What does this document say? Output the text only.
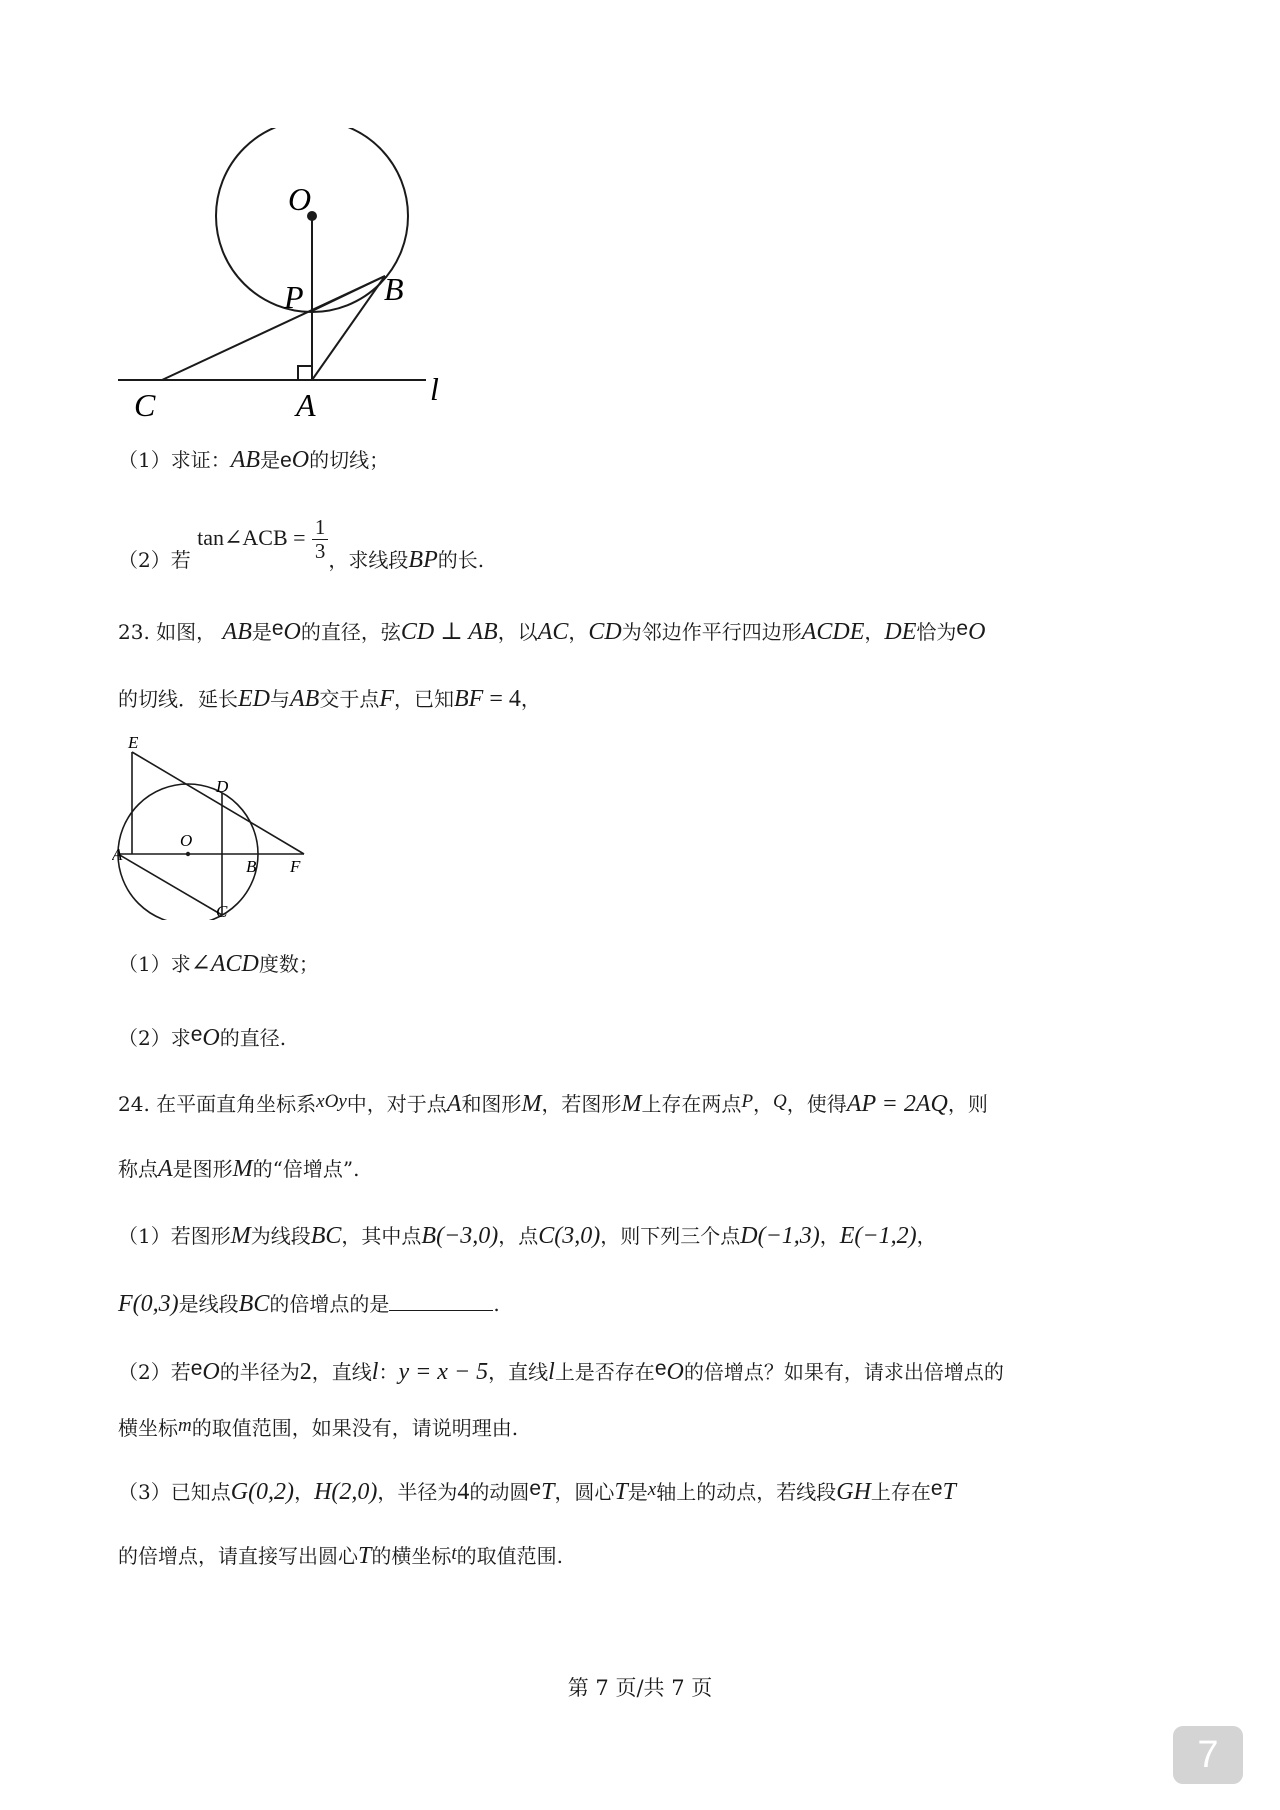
O
P	B
C	A	l
（1）求证：AB是eO的切线；
（2）若 tan∠ACB = $\frac{1}{3}$ ，求线段BP的长.
23. 如图， AB是eO的直径，弦CD ⊥ AB，以AC，CD为邻边作平行四边形ACDE，DE恰为eO
的切线．延长ED与AB交于点F，已知BF = 4，
E
D
O
A
B F
C
（1）求∠ACD度数；
（2）求eO的直径.
24. 在平面直角坐标系xOy中，对于点A和图形M，若图形M上存在两点P，Q，使得AP = 2AQ，则
称点A是图形M的“倍增点”.
（1）若图形M为线段BC，其中点B(−3,0)，点C(3,0)，则下列三个点D(−1,3)，E(−1,2)，
F(0,3)是线段BC的倍增点的是	.
（2）若eO的半径为2，直线l：y = x − 5，直线l上是否存在eO的倍增点？如果有，请求出倍增点的
横坐标m的取值范围，如果没有，请说明理由.
（3）已知点G(0,2)，H(2,0)，半径为4的动圆eT，圆心T是x轴上的动点，若线段GH上存在eT
的倍增点，请直接写出圆心T的横坐标t的取值范围.
第 7 页/共 7 页
7
